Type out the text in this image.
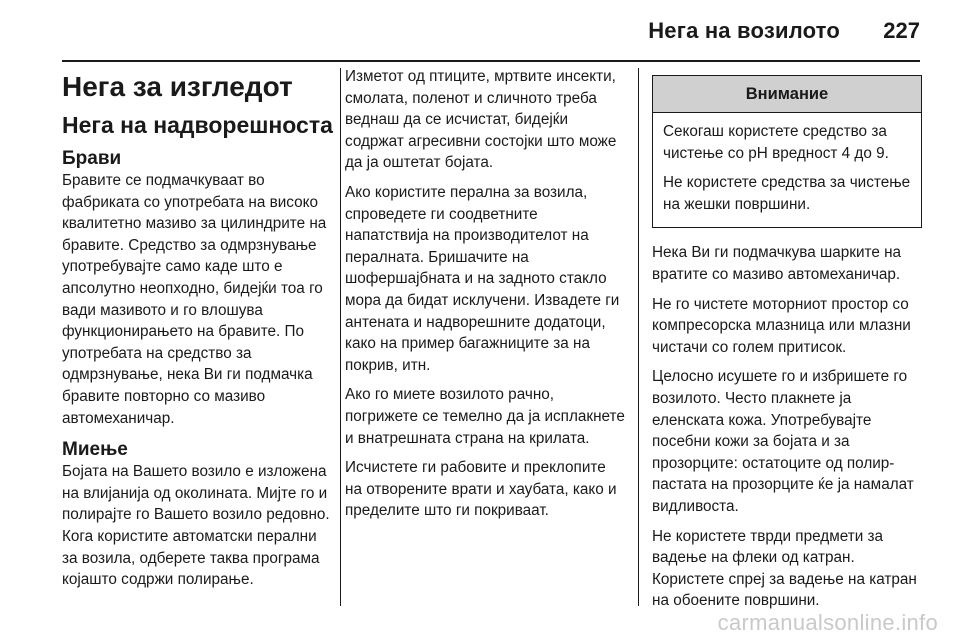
Нега на возилото 227
Нега за изгледот
Нега на надворешноста
Брави

Бравите се подмачкуваат во фабриката со употребата на високо квалитетно мазиво за цилиндрите на бравите. Средство за одмрзнување употребувајте само каде што е апсолутно неопходно, бидејќи тоа го вади мазивото и го влошува функционирањето на бравите. По употребата на средство за одмрзнување, нека Ви ги подмачка бравите повторно со мазиво автомеханичар.

Миење

Бојата на Вашето возило е изложена на влијанија од околината. Мијте го и полирајте го Вашето возило редовно. Кога користите автоматски перални за возила, одберете таква програма којашто содржи полирање.

Изметот од птиците, мртвите инсекти, смолата, поленот и сличното треба веднаш да се исчистат, бидејќи содржат агресивни состојки што може да ја оштетат бојата.

Ако користите перална за возила, спроведете ги соодветните напатствија на производителот на пералната. Бришачите на шофершајбната и на задното стакло мора да бидат исклучени. Извадете ги антената и надворешните додатоци, како на пример багажниците за на покрив, итн.

Ако го миете возилото рачно, погрижете се темелно да ја исплакнете и внатрешната страна на крилата.

Исчистете ги рабовите и преклопите на отворените врати и хаубата, како и пределите што ги покриваат.

Внимание

Секогаш користете средство за чистење со pH вредност 4 до 9.

Не користете средства за чистење на жешки површини.

Нека Ви ги подмачкува шарките на вратите со мазиво автомеханичар.

Не го чистете моторниот простор со компресорска млазница или млазни чистачи со голем притисок.

Целосно исушете го и избришете го возилото. Често плакнете ја еленската кожа. Употребувајте посебни кожи за бојата и за прозорците: остатоците од полир-пастата на прозорците ќе ја намалат видливоста.

Не користете тврди предмети за вадење на флеки од катран. Користете спреј за вадење на катран на обоените површини.

carmanualsonline.info
